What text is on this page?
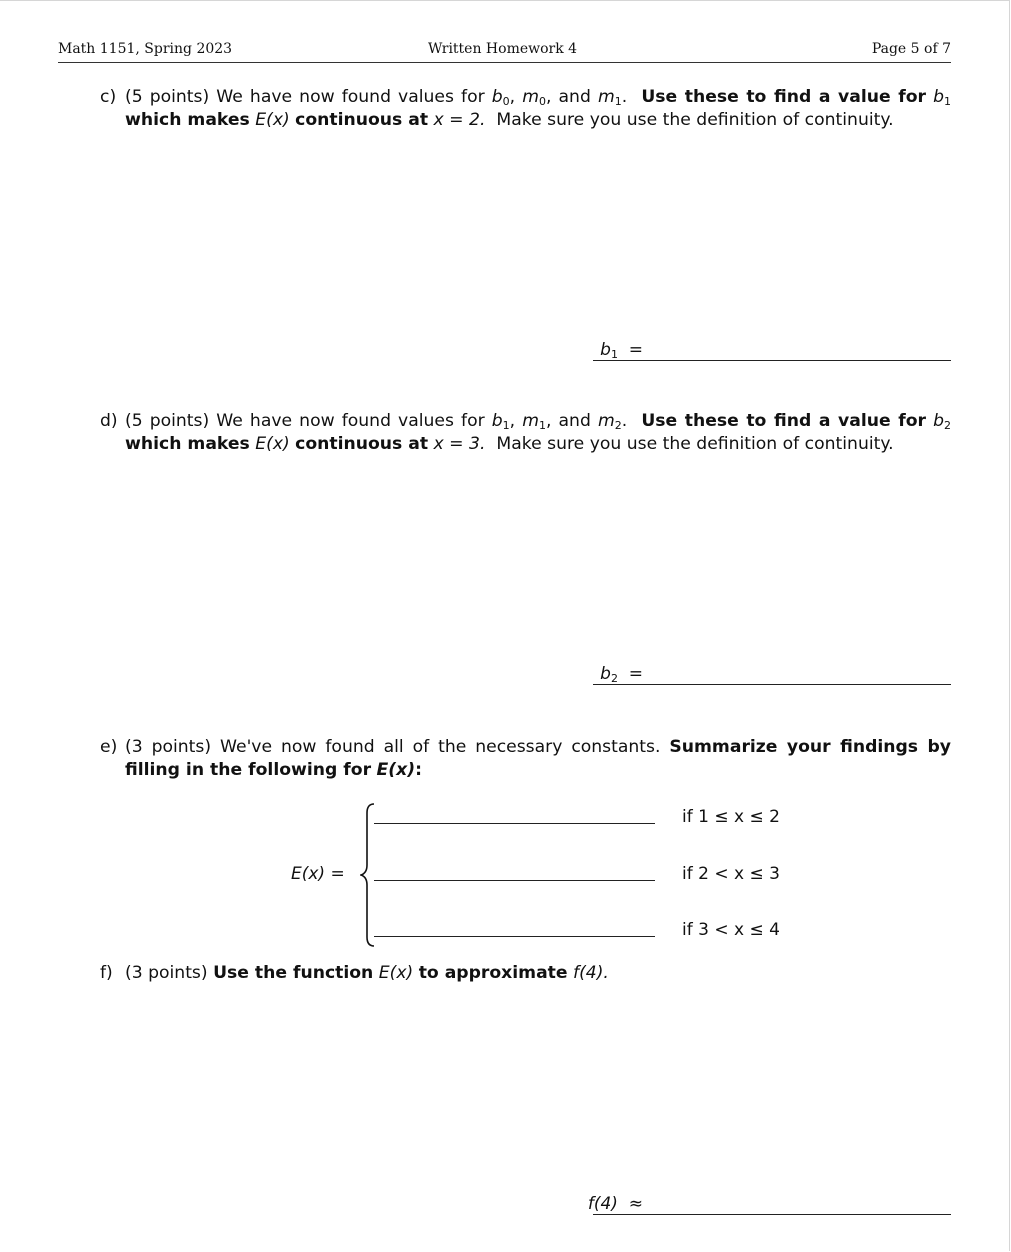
Math 1151, Spring 2023	Written Homework 4	Page 5 of 7
c) (5 points) We have now found values for $b_0$, $m_0$, and $m_1$.  Use these to find a value for $b_1$ which makes E(x) continuous at x = 2. Make sure you use the definition of continuity.
$b_1$ =
d) (5 points) We have now found values for $b_1$, $m_1$, and $m_2$.  Use these to find a value for $b_2$ which makes E(x) continuous at x = 3. Make sure you use the definition of continuity.
$b_2$ =
e) (3 points) We've now found all of the necessary constants. Summarize your findings by filling in the following for E(x):
E(x) =
if 1 ≤ x ≤ 2
if 2 < x ≤ 3
if 3 < x ≤ 4
f) (3 points) Use the function E(x) to approximate f(4).
f(4) ≈
